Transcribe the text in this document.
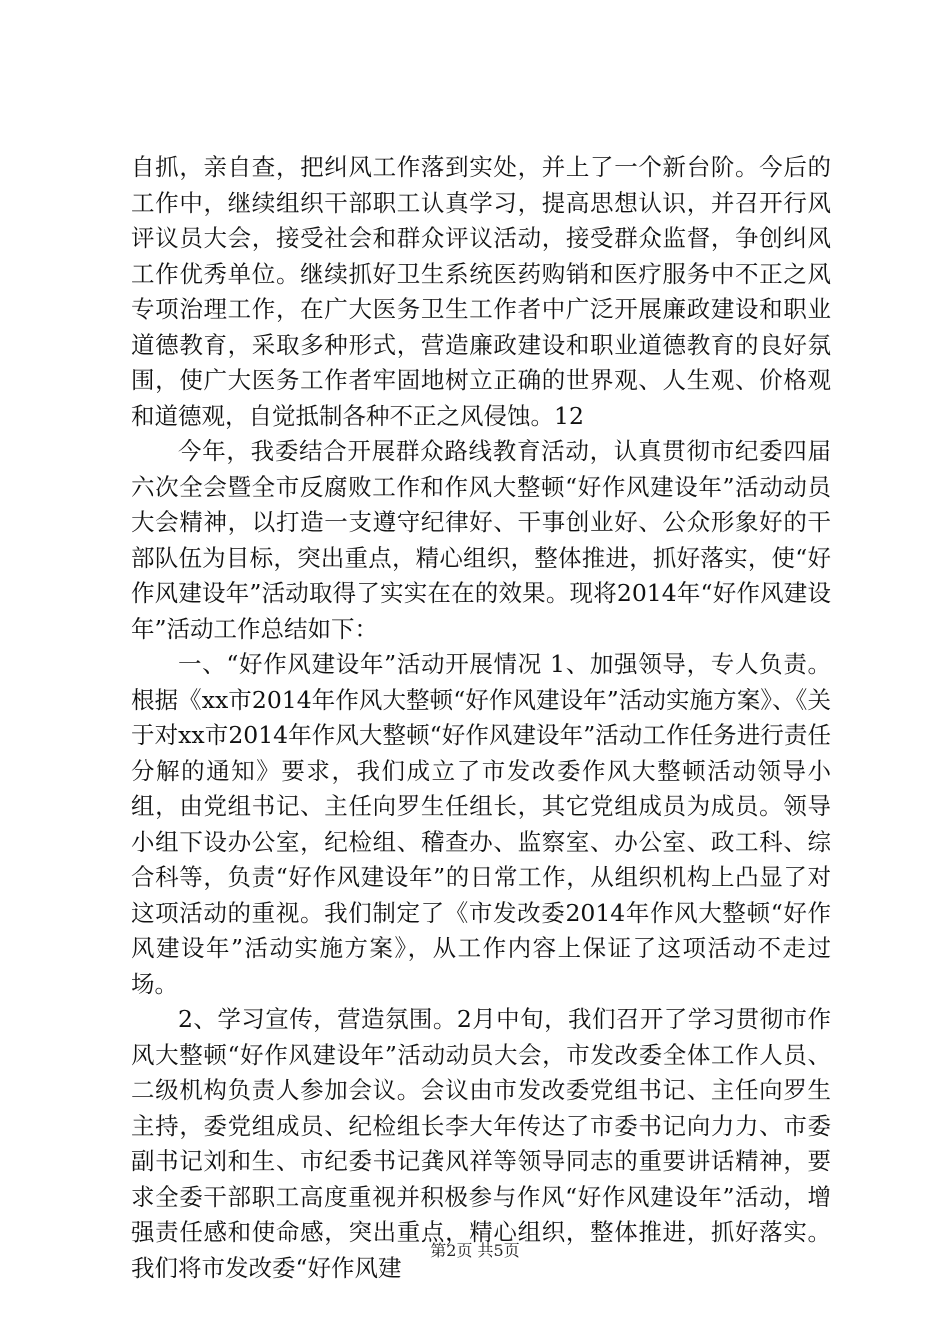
自抓，亲自查，把纠风工作落到实处，并上了一个新台阶。今后的工作中，继续组织干部职工认真学习，提高思想认识，并召开行风评议员大会，接受社会和群众评议活动，接受群众监督，争创纠风工作优秀单位。继续抓好卫生系统医药购销和医疗服务中不正之风专项治理工作，在广大医务卫生工作者中广泛开展廉政建设和职业道德教育，采取多种形式，营造廉政建设和职业道德教育的良好氛围，使广大医务工作者牢固地树立正确的世界观、人生观、价格观和道德观，自觉抵制各种不正之风侵蚀。12

今年，我委结合开展群众路线教育活动，认真贯彻市纪委四届六次全会暨全市反腐败工作和作风大整顿“好作风建设年”活动动员大会精神，以打造一支遵守纪律好、干事创业好、公众形象好的干部队伍为目标，突出重点，精心组织，整体推进，抓好落实，使“好作风建设年”活动取得了实实在在的效果。现将2014年“好作风建设年”活动工作总结如下：

一、“好作风建设年”活动开展情况 1、加强领导，专人负责。根据《xx市2014年作风大整顿“好作风建设年”活动实施方案》、《关于对xx市2014年作风大整顿“好作风建设年”活动工作任务进行责任分解的通知》要求，我们成立了市发改委作风大整顿活动领导小组，由党组书记、主任向罗生任组长，其它党组成员为成员。领导小组下设办公室，纪检组、稽查办、监察室、办公室、政工科、综合科等，负责“好作风建设年”的日常工作，从组织机构上凸显了对这项活动的重视。我们制定了《市发改委2014年作风大整顿“好作风建设年”活动实施方案》，从工作内容上保证了这项活动不走过场。

2、学习宣传，营造氛围。2月中旬，我们召开了学习贯彻市作风大整顿“好作风建设年”活动动员大会，市发改委全体工作人员、二级机构负责人参加会议。会议由市发改委党组书记、主任向罗生主持，委党组成员、纪检组长李大年传达了市委书记向力力、市委副书记刘和生、市纪委书记龚风祥等领导同志的重要讲话精神，要求全委干部职工高度重视并积极参与作风“好作风建设年”活动，增强责任感和使命感，突出重点，精心组织，整体推进，抓好落实。我们将市发改委“好作风建

第2页 共5页
